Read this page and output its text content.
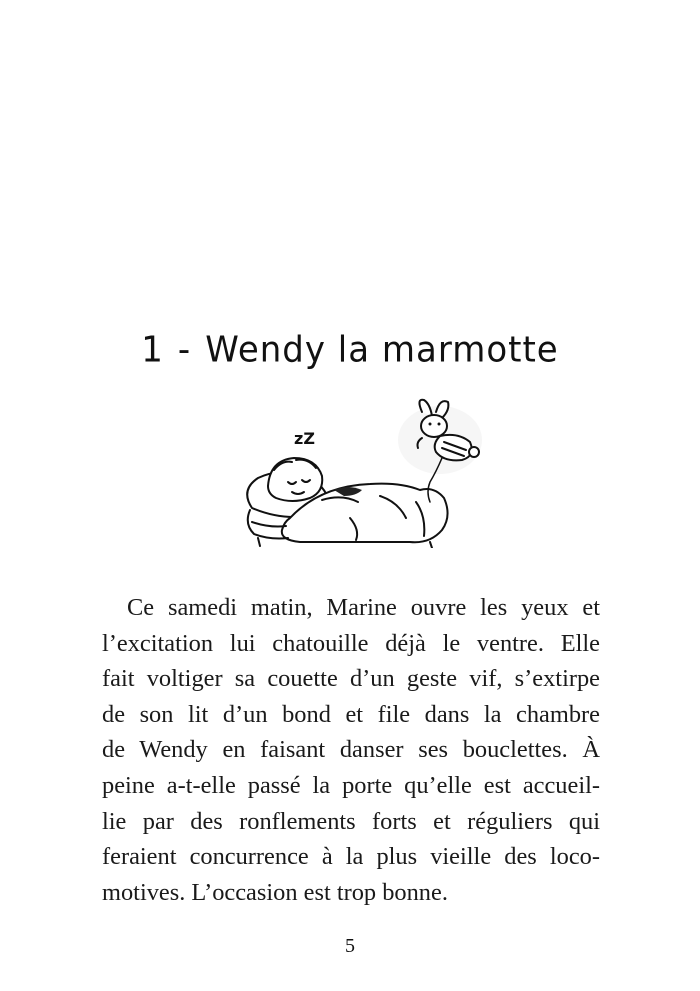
1 - Wendy la marmotte
zZ
Ce samedi matin, Marine ouvre les yeux et
l’excitation lui chatouille déjà le ventre. Elle
fait voltiger sa couette d’un geste vif, s’extirpe
de son lit d’un bond et file dans la chambre
de Wendy en faisant danser ses bouclettes. À
peine a-t-elle passé la porte qu’elle est accueil-
lie par des ronflements forts et réguliers qui
feraient concurrence à la plus vieille des loco-
motives. L’occasion est trop bonne.
5
